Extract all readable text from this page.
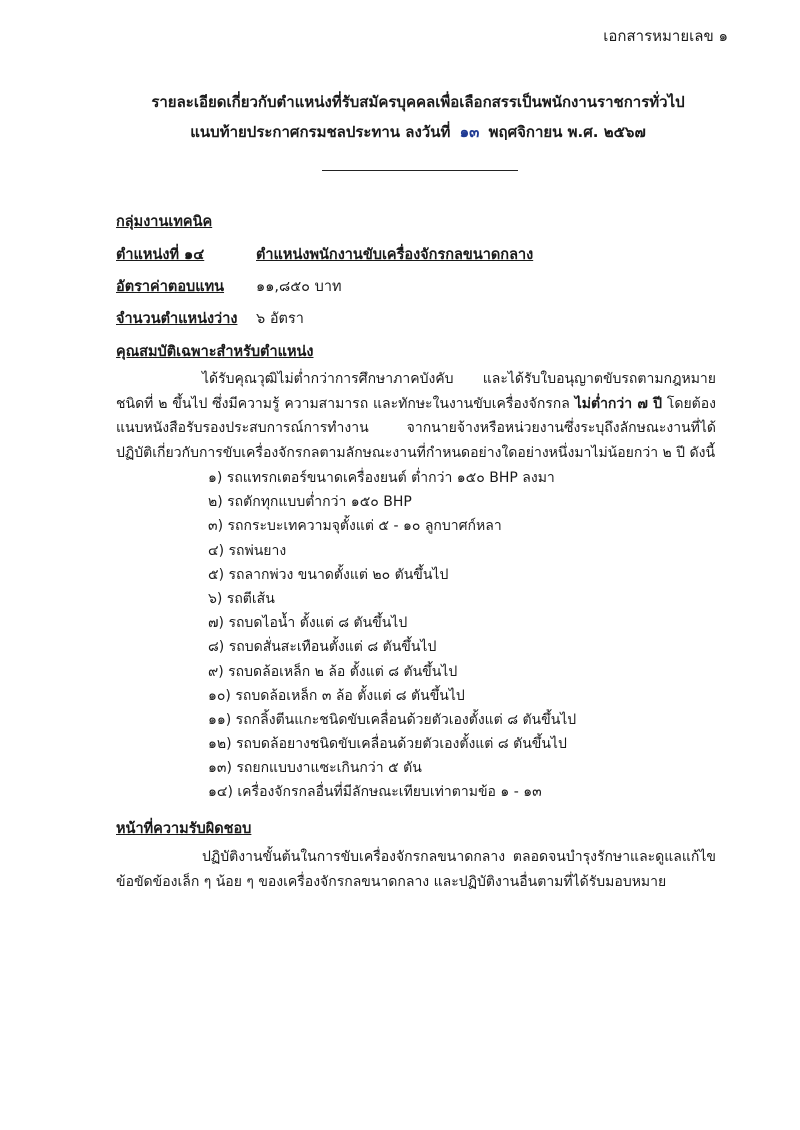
เอกสารหมายเลข ๑
รายละเอียดเกี่ยวกับตำแหน่งที่รับสมัครบุคคลเพื่อเลือกสรรเป็นพนักงานราชการทั่วไป
แนบท้ายประกาศกรมชลประทาน ลงวันที่ ๑๓ พฤศจิกายน พ.ศ. ๒๕๖๗
กลุ่มงานเทคนิค
ตำแหน่งที่ ๑๔	ตำแหน่งพนักงานขับเครื่องจักรกลขนาดกลาง
อัตราค่าตอบแทน ๑๑,๘๕๐ บาท
จำนวนตำแหน่งว่าง ๖ อัตรา
คุณสมบัติเฉพาะสำหรับตำแหน่ง
ได้รับคุณวุฒิไม่ต่ำกว่าการศึกษาภาคบังคับ และได้รับใบอนุญาตขับรถตามกฎหมาย ชนิดที่ ๒ ขึ้นไป ซึ่งมีความรู้ ความสามารถ และทักษะในงานขับเครื่องจักรกล ไม่ต่ำกว่า ๗ ปี โดยต้องแนบหนังสือรับรองประสบการณ์การทำงาน จากนายจ้างหรือหน่วยงานซึ่งระบุถึงลักษณะงานที่ได้ปฏิบัติเกี่ยวกับการขับเครื่องจักรกลตามลักษณะงานที่กำหนดอย่างใดอย่างหนึ่งมาไม่น้อยกว่า ๒ ปี ดังนี้
๑) รถแทรกเตอร์ขนาดเครื่องยนต์ ต่ำกว่า ๑๕๐ BHP ลงมา
๒) รถตักทุกแบบต่ำกว่า ๑๕๐ BHP
๓) รถกระบะเทความจุตั้งแต่ ๕ - ๑๐ ลูกบาศก์หลา
๔) รถพ่นยาง
๕) รถลากพ่วง ขนาดตั้งแต่ ๒๐ ตันขึ้นไป
๖) รถตีเส้น
๗) รถบดไอน้ำ ตั้งแต่ ๘ ตันขึ้นไป
๘) รถบดสั่นสะเทือนตั้งแต่ ๘ ตันขึ้นไป
๙) รถบดล้อเหล็ก ๒ ล้อ ตั้งแต่ ๘ ตันขึ้นไป
๑๐) รถบดล้อเหล็ก ๓ ล้อ ตั้งแต่ ๘ ตันขึ้นไป
๑๑) รถกลิ้งตีนแกะชนิดขับเคลื่อนด้วยตัวเองตั้งแต่ ๘ ตันขึ้นไป
๑๒) รถบดล้อยางชนิดขับเคลื่อนด้วยตัวเองตั้งแต่ ๘ ตันขึ้นไป
๑๓) รถยกแบบงาแซะเกินกว่า ๕ ตัน
๑๔) เครื่องจักรกลอื่นที่มีลักษณะเทียบเท่าตามข้อ ๑ - ๑๓
หน้าที่ความรับผิดชอบ
ปฏิบัติงานขั้นต้นในการขับเครื่องจักรกลขนาดกลาง ตลอดจนบำรุงรักษาและดูแลแก้ไขข้อขัดข้องเล็ก ๆ น้อย ๆ ของเครื่องจักรกลขนาดกลาง และปฏิบัติงานอื่นตามที่ได้รับมอบหมาย
